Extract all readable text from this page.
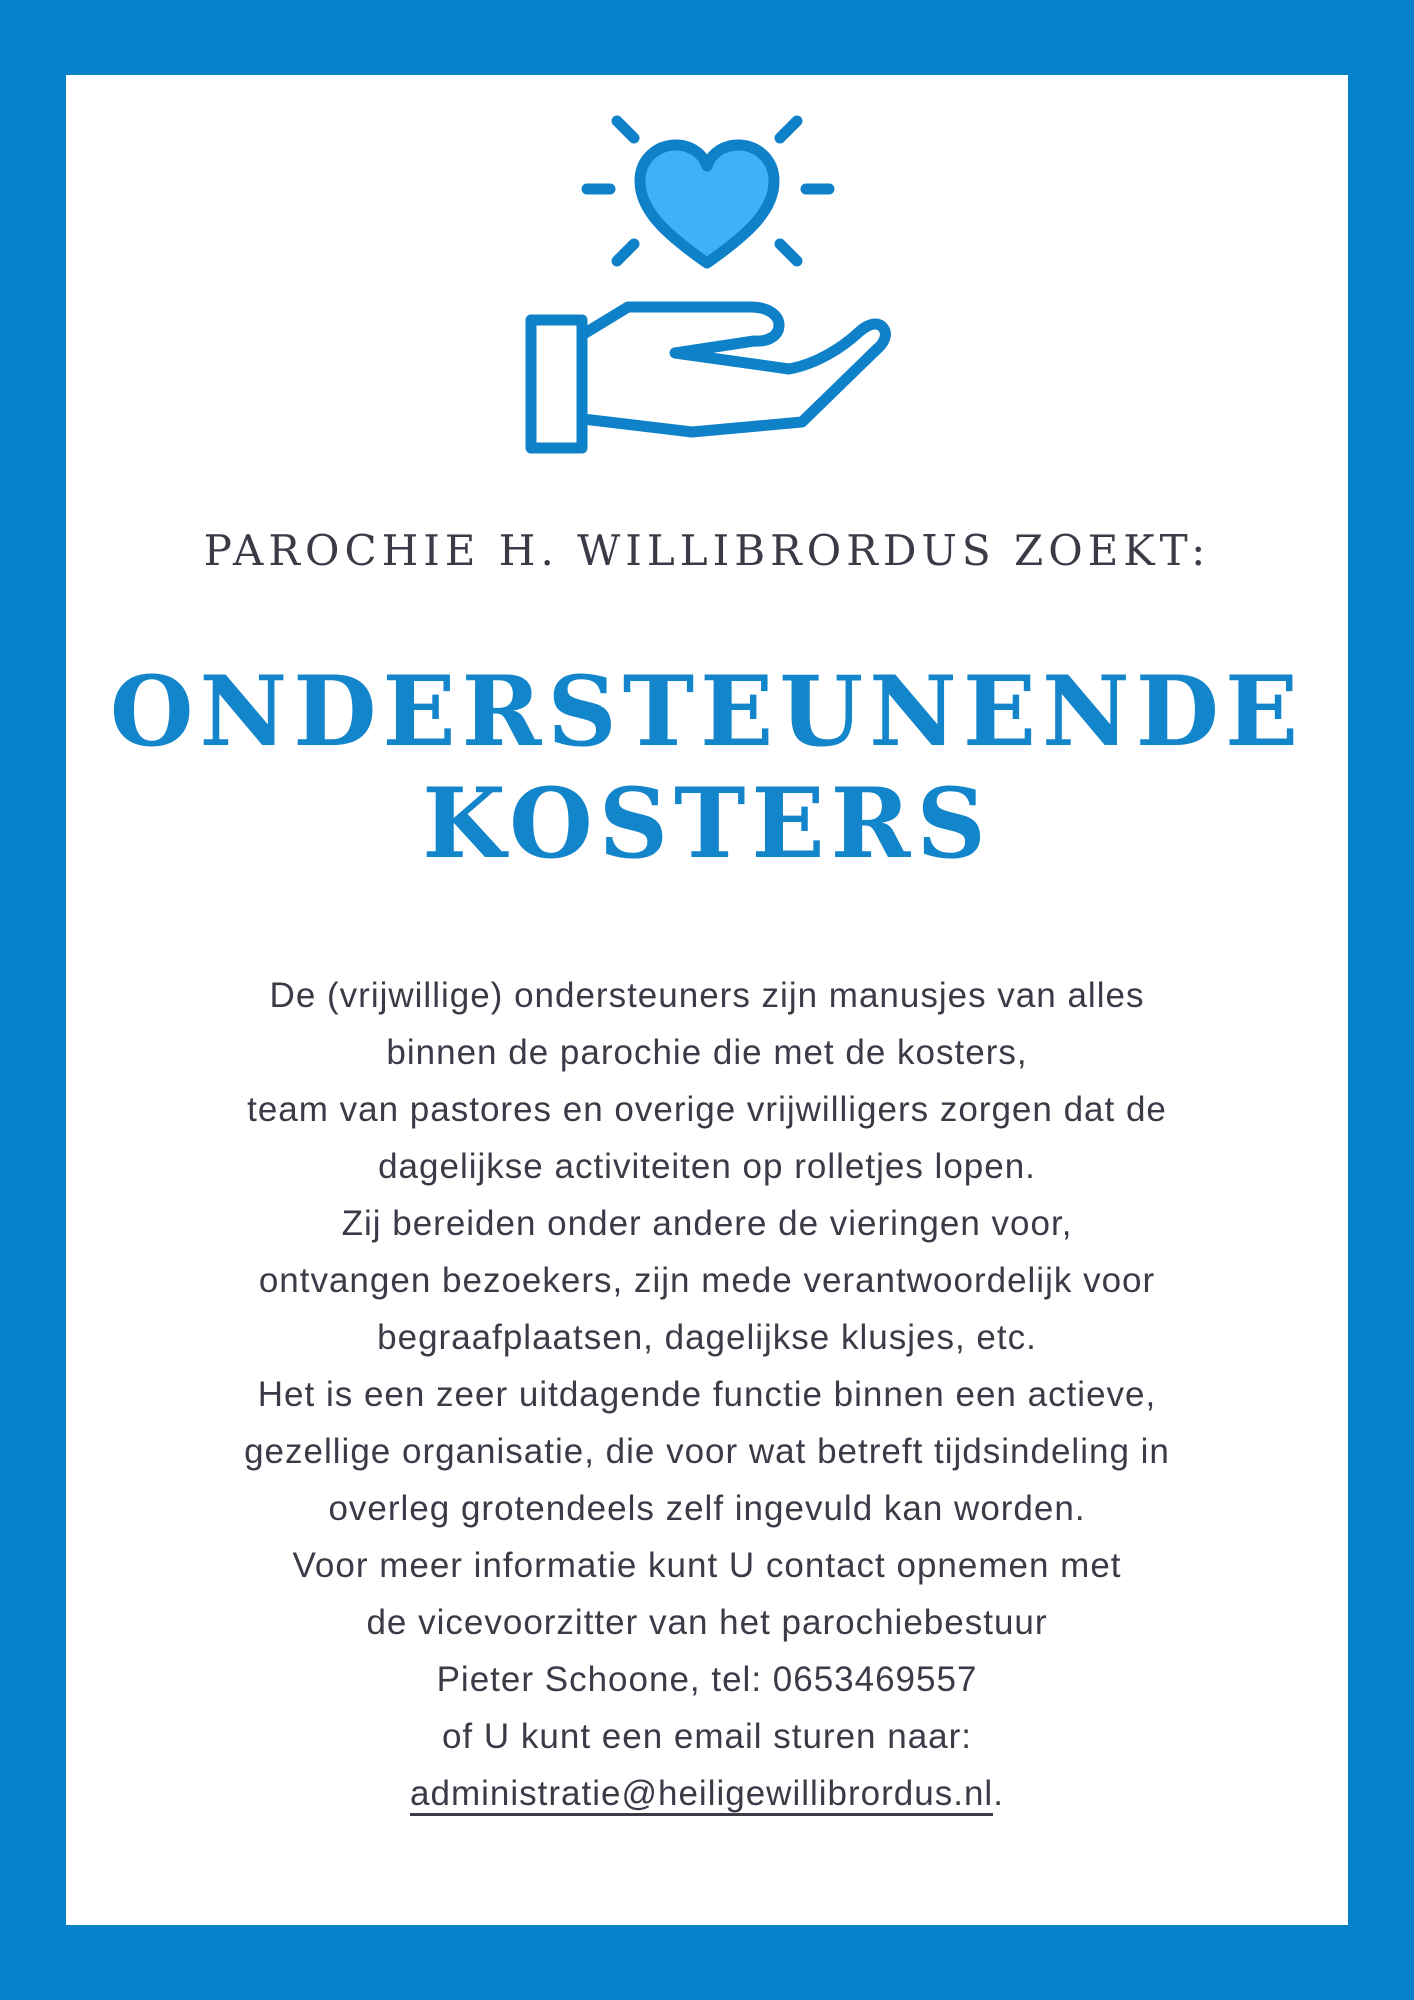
PAROCHIE H. WILLIBRORDUS ZOEKT:
ONDERSTEUNENDE
KOSTERS
De (vrijwillige) ondersteuners zijn manusjes van alles
binnen de parochie die met de kosters,
team van pastores en overige vrijwilligers zorgen dat de
dagelijkse activiteiten op rolletjes lopen.
Zij bereiden onder andere de vieringen voor,
ontvangen bezoekers, zijn mede verantwoordelijk voor
begraafplaatsen, dagelijkse klusjes, etc.
Het is een zeer uitdagende functie binnen een actieve,
gezellige organisatie, die voor wat betreft tijdsindeling in
overleg grotendeels zelf ingevuld kan worden.
Voor meer informatie kunt U contact opnemen met
de vicevoorzitter van het parochiebestuur
Pieter Schoone, tel: 0653469557
of U kunt een email sturen naar:
administratie@heiligewillibrordus.nl.
